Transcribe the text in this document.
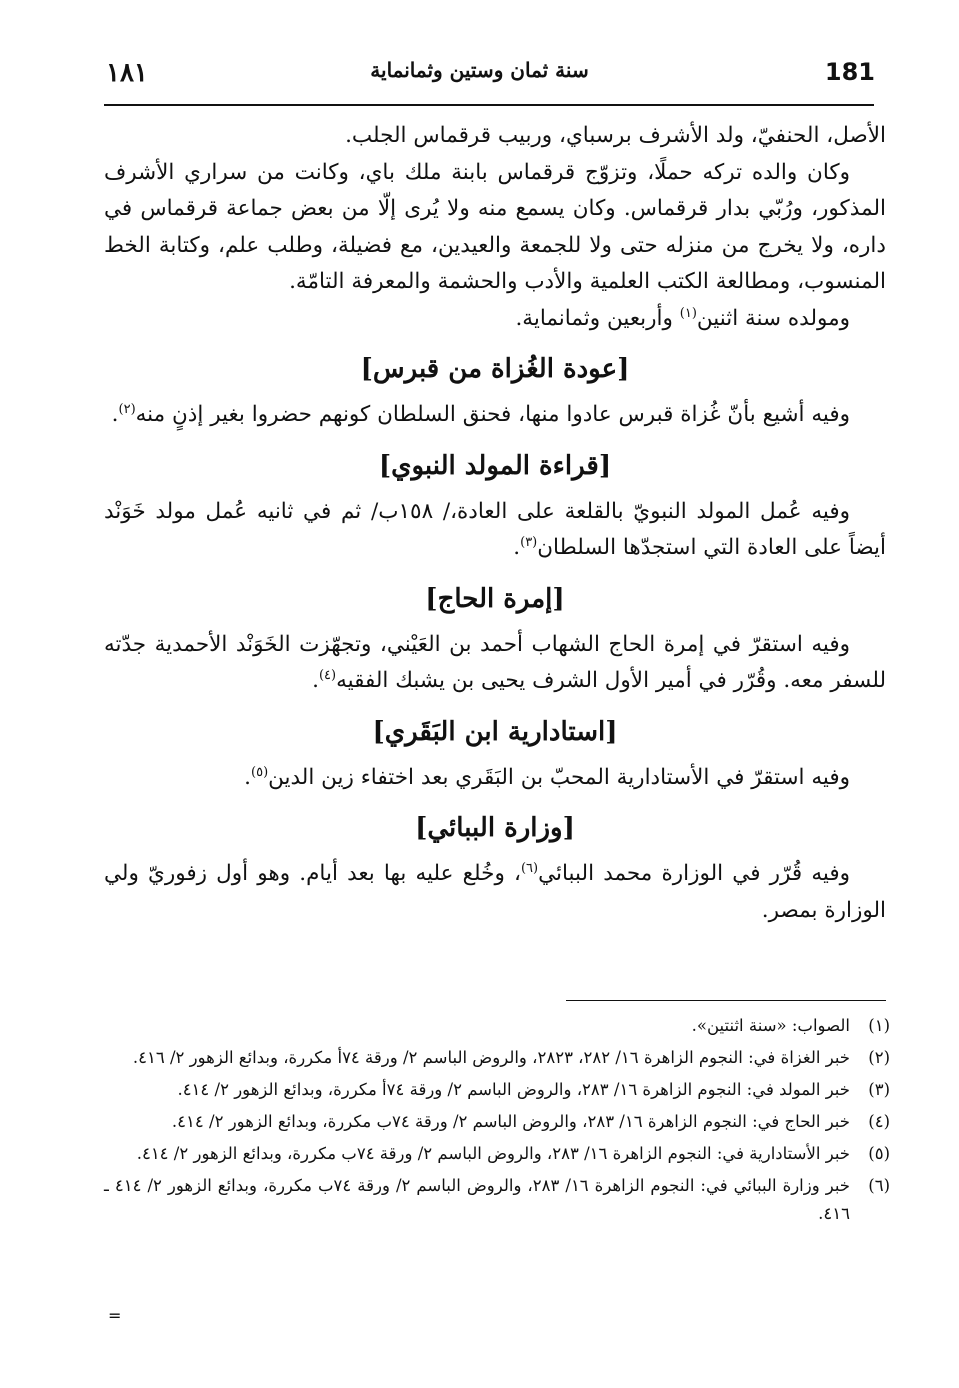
١٨١	سنة ثمان وستين وثمانماية	181

الأصل، الحنفيّ، ولد الأشرف برسباي، وربيب قرقماس الجلب.

وكان والده تركه حملًا، وتزوّج قرقماس بابنة ملك باي، وكانت من سراري الأشرف المذكور، ورُبّي بدار قرقماس. وكان يسمع منه ولا يُرى إلّا من بعض جماعة قرقماس في داره، ولا يخرج من منزله حتى ولا للجمعة والعيدين، مع فضيلة، وطلب علم، وكتابة الخط المنسوب، ومطالعة الكتب العلمية والأدب والحشمة والمعرفة التامّة.

ومولده سنة اثنين$^{(١)}$ وأربعين وثمانماية.

[عودة الغُزاة من قبرس]

وفيه أشيع بأنّ غُزاة قبرس عادوا منها، فحنق السلطان كونهم حضروا بغير إذنٍ منه$^{(٢)}$.

[قراءة المولد النبوي]

وفيه عُمل المولد النبويّ بالقلعة على العادة،/ ١٥٨ب/ ثم في ثانيه عُمل مولد خَوَنْد أيضاً على العادة التي استجدّها السلطان$^{(٣)}$.

[إمرة الحاج]

وفيه استقرّ في إمرة الحاج الشهاب أحمد بن العَيْني، وتجهّزت الخَوَنْد الأحمدية جدّته للسفر معه. وقُرّر في أمير الأول الشرف يحيى بن يشبك الفقيه$^{(٤)}$.

[استادارية ابن البَقَري]

وفيه استقرّ في الأستادارية المحبّ بن البَقَري بعد اختفاء زين الدين$^{(٥)}$.

[وزارة الببائي]

وفيه قُرّر في الوزارة محمد الببائي$^{(٦)}$، وخُلع عليه بها بعد أيام. وهو أول زفوريّ ولي الوزارة بمصر.

(١)
الصواب: «سنة اثنتين».
(٢)
خبر الغزاة في: النجوم الزاهرة ١٦/ ٢٨٢، ٢٨٢٣، والروض الباسم ٢/ ورقة ٧٤أ مكررة، وبدائع الزهور ٢/ ٤١٦.
(٣)
خبر المولد في: النجوم الزاهرة ١٦/ ٢٨٣، والروض الباسم ٢/ ورقة ٧٤أ مكررة، وبدائع الزهور ٢/ ٤١٤.
(٤)
خبر الحاج في: النجوم الزاهرة ١٦/ ٢٨٣، والروض الباسم ٢/ ورقة ٧٤ب مكررة، وبدائع الزهور ٢/ ٤١٤.
(٥)
خبر الأستادارية في: النجوم الزاهرة ١٦/ ٢٨٣، والروض الباسم ٢/ ورقة ٧٤ب مكررة، وبدائع الزهور ٢/ ٤١٤.
(٦)
خبر وزارة الببائي في: النجوم الزاهرة ١٦/ ٢٨٣، والروض الباسم ٢/ ورقة ٧٤ب مكررة، وبدائع الزهور ٢/ ٤١٤ ـ ٤١٦.
=
